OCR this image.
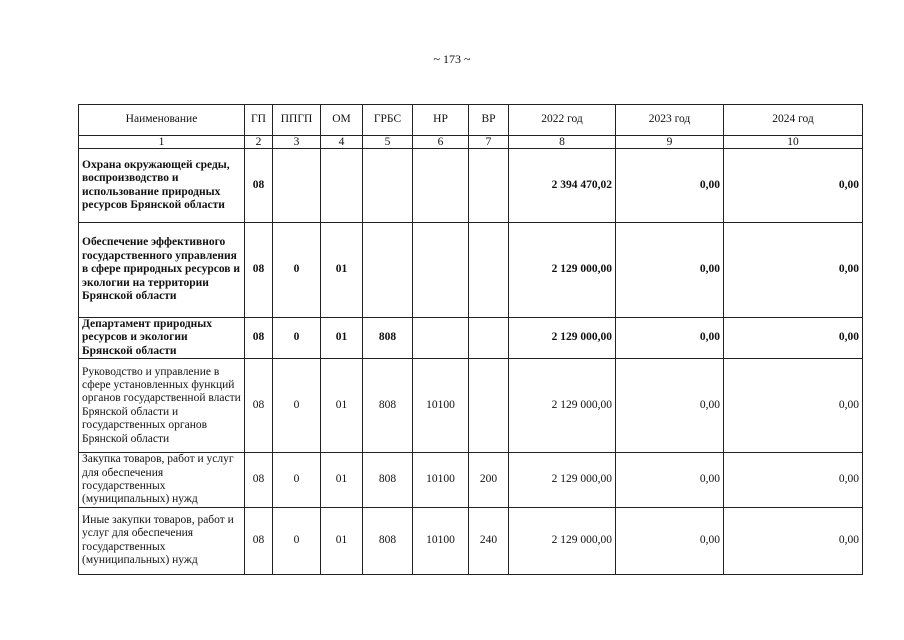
~ 173 ~
Наименование	ГП	ППГП	ОМ	ГРБС	НР	ВР	2022 год	2023 год	2024 год
1	2	3	4	5	6	7	8	9	10
Охрана окружающей среды, воспроизводство и использование природных ресурсов Брянской области	08						2 394 470,02	0,00	0,00
Обеспечение эффективного государственного управления в сфере природных ресурсов и экологии на территории Брянской области	08	0	01				2 129 000,00	0,00	0,00
Департамент природных ресурсов и экологии Брянской области	08	0	01	808			2 129 000,00	0,00	0,00
Руководство и управление в сфере установленных функций органов государственной власти Брянской области и государственных органов Брянской области	08	0	01	808	10100		2 129 000,00	0,00	0,00
Закупка товаров, работ и услуг для обеспечения государственных (муниципальных) нужд	08	0	01	808	10100	200	2 129 000,00	0,00	0,00
Иные закупки товаров, работ и услуг для обеспечения государственных (муниципальных) нужд	08	0	01	808	10100	240	2 129 000,00	0,00	0,00
